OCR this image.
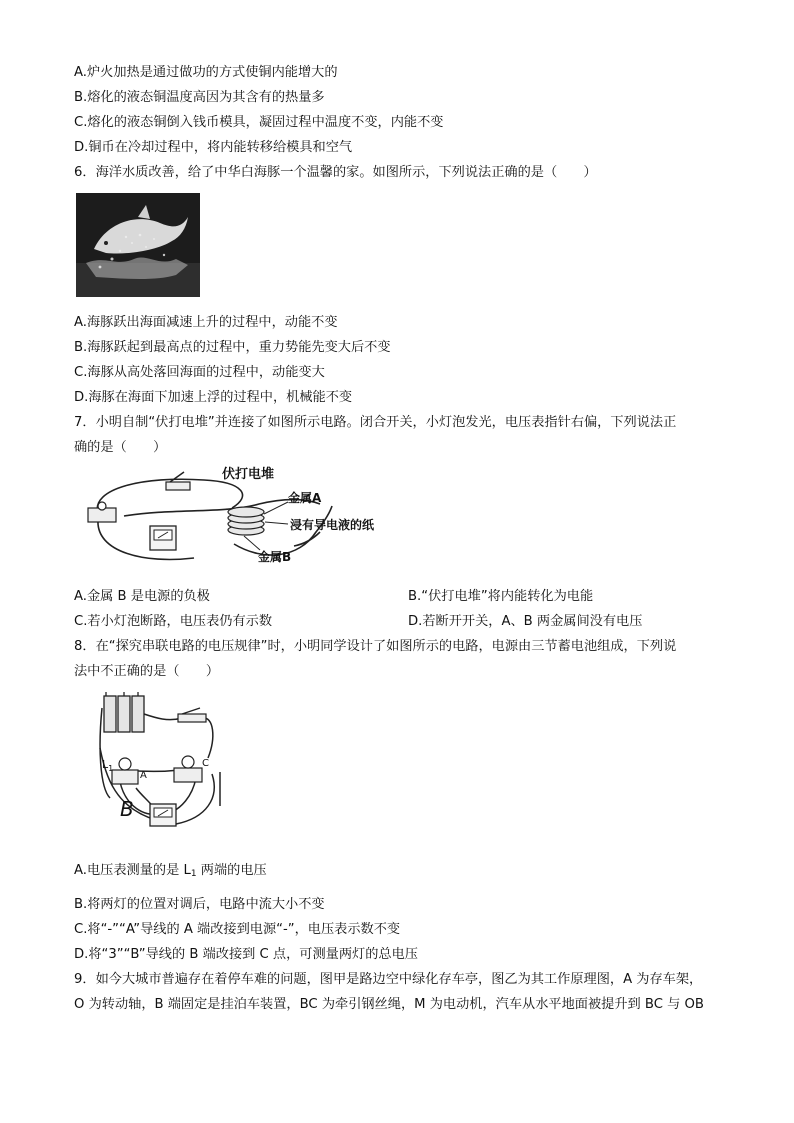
A.炉火加热是通过做功的方式使铜内能增大的
B.熔化的液态铜温度高因为其含有的热量多
C.熔化的液态铜倒入钱币模具，凝固过程中温度不变，内能不变
D.铜币在冷却过程中，将内能转移给模具和空气
6．海洋水质改善，给了中华白海豚一个温馨的家。如图所示，下列说法正确的是（　　）
A.海豚跃出海面减速上升的过程中，动能不变
B.海豚跃起到最高点的过程中，重力势能先变大后不变
C.海豚从高处落回海面的过程中，动能变大
D.海豚在海面下加速上浮的过程中，机械能不变
7．小明自制“伏打电堆”并连接了如图所示电路。闭合开关，小灯泡发光，电压表指针右偏，下列说法正
确的是（　　）
伏打电堆
金属A
浸有导电液的纸
金属B
A.金属 B 是电源的负极	B.“伏打电堆”将内能转化为电能
C.若小灯泡断路，电压表仍有示数	D.若断开开关，A、B 两金属间没有电压
8．在“探究串联电路的电压规律”时，小明同学设计了如图所示的电路，电源由三节蓄电池组成，下列说
法中不正确的是（　　）
$L_1$
A
C
B
A.电压表测量的是 $L_1$ 两端的电压
B.将两灯的位置对调后，电路中流大小不变
C.将“-”“A”导线的 A 端改接到电源“-”，电压表示数不变
D.将“3”“B”导线的 B 端改接到 C 点，可测量两灯的总电压
9．如今大城市普遍存在着停车难的问题，图甲是路边空中绿化存车亭，图乙为其工作原理图，A 为存车架，
O 为转动轴，B 端固定是挂泊车装置，BC 为牵引钢丝绳，M 为电动机，汽车从水平地面被提升到 BC 与 OB
